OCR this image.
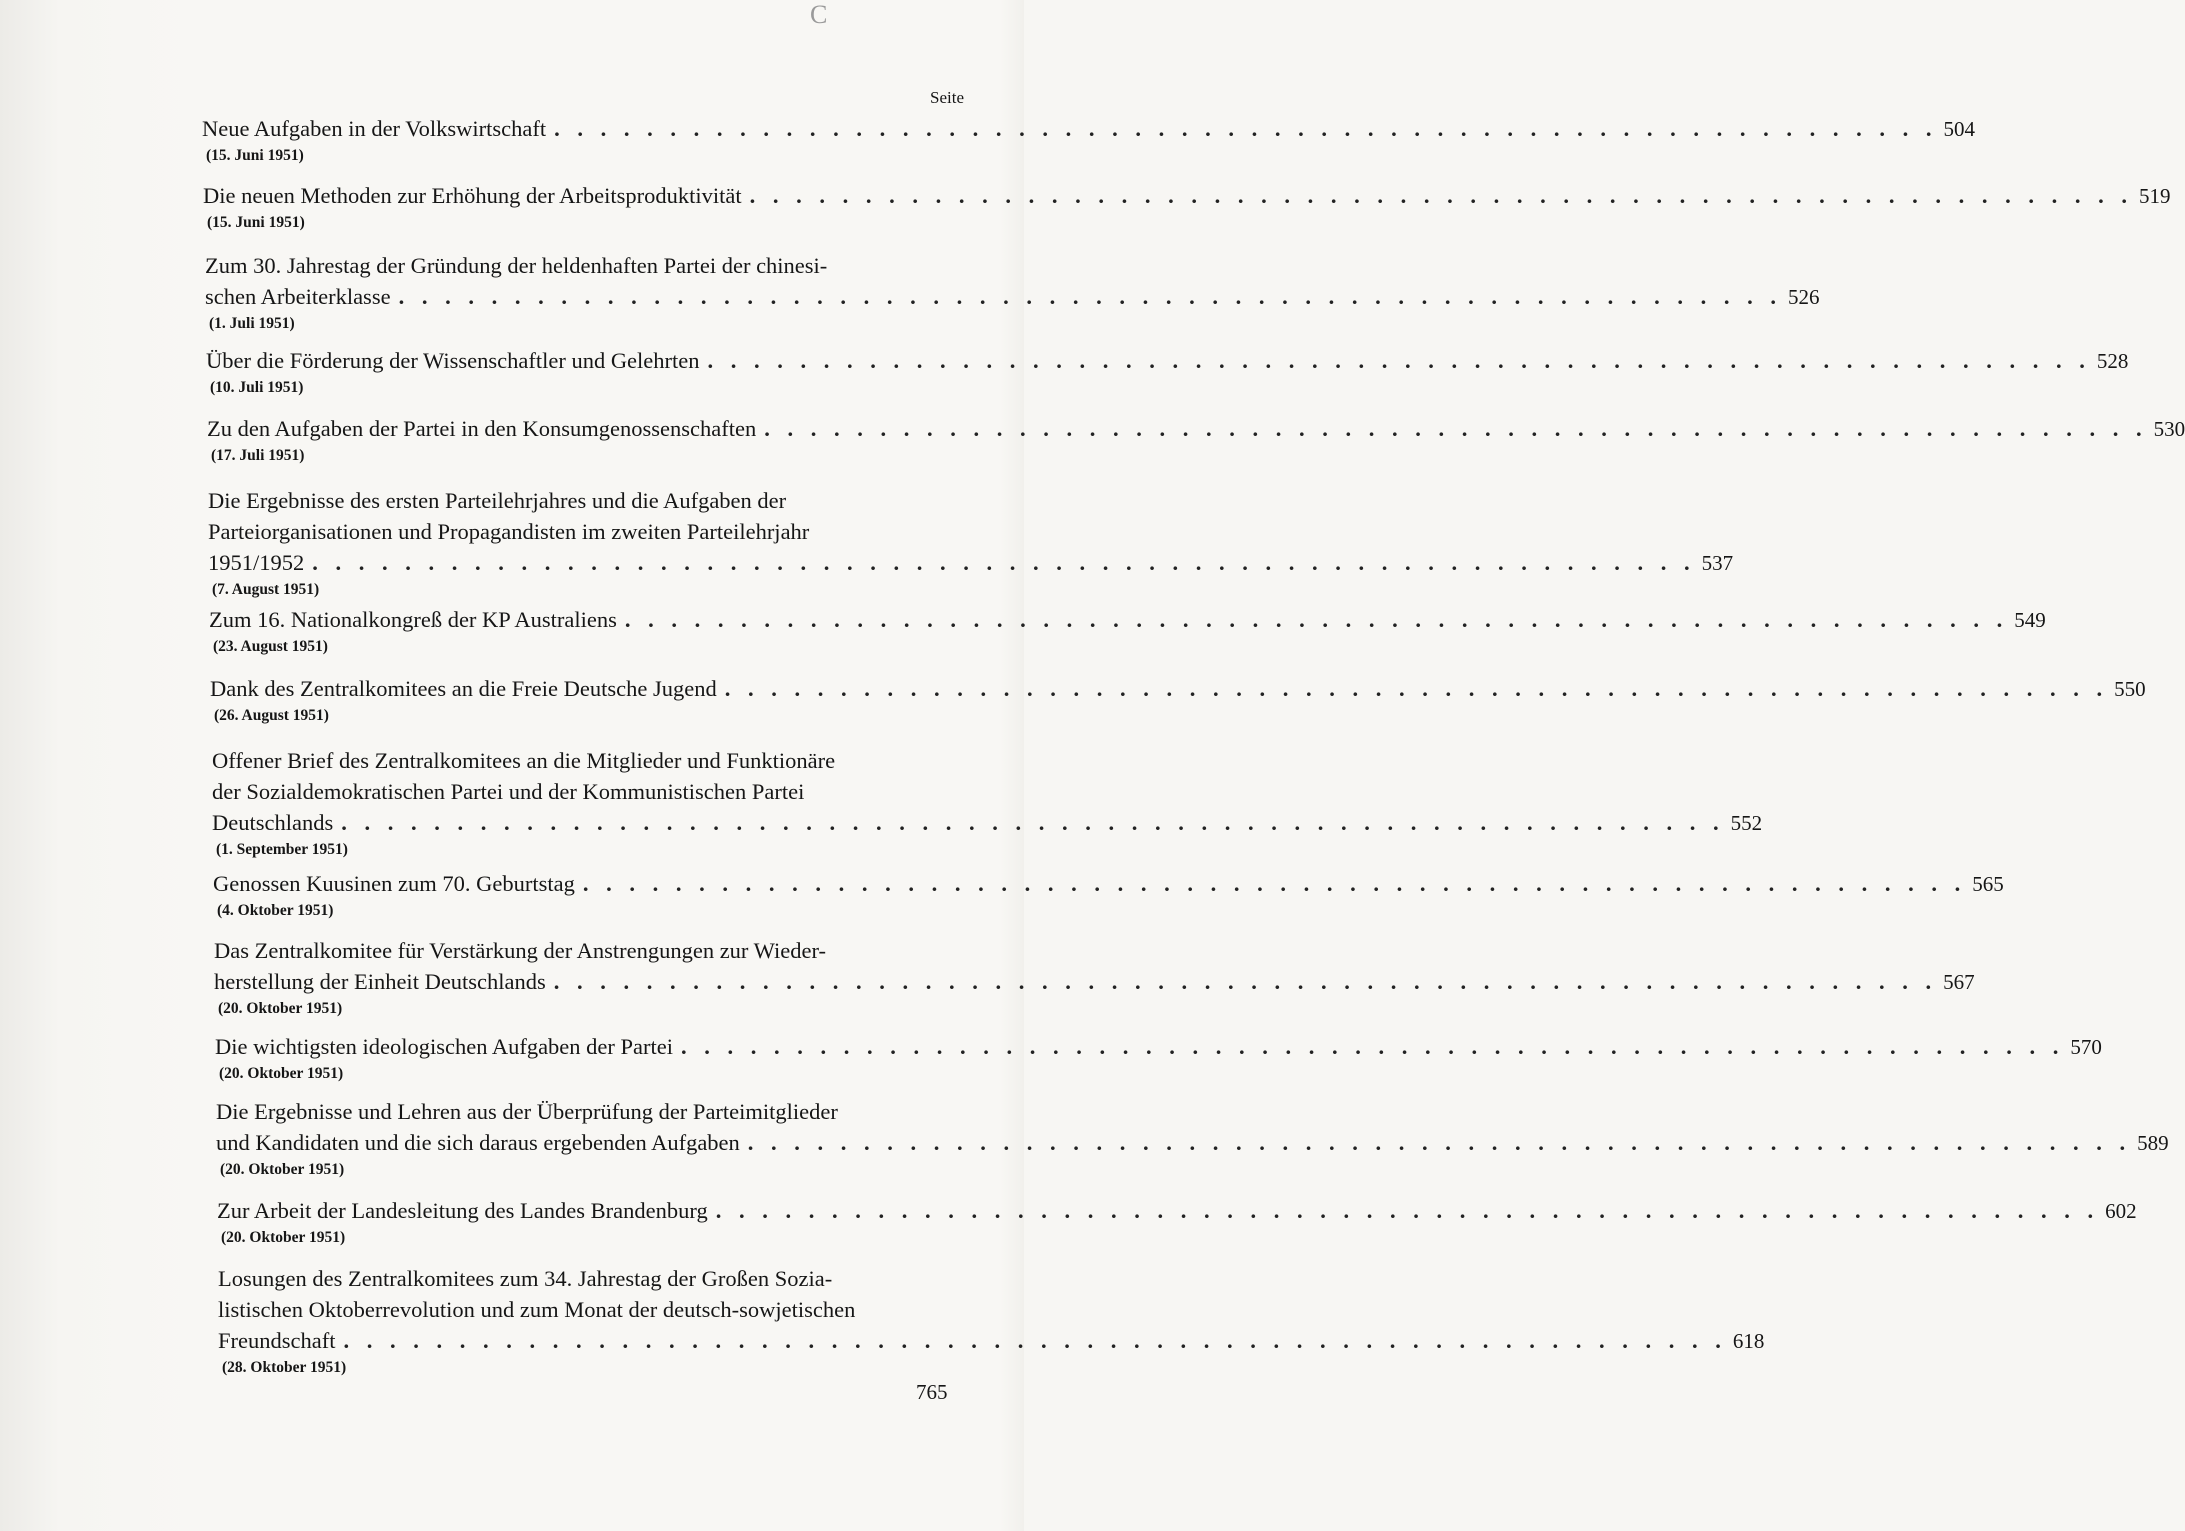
C
Seite
Neue Aufgaben in der Volkswirtschaft . . . . . . . . . . . . . . . . . . . . . . . . . . . . . . . . . . . . . . . . . . . . . . . . . . . . . . . . . . . . 504
(15. Juni 1951)
Die neuen Methoden zur Erhöhung der Arbeitsproduktivität . . . . . . . . . . . . . . . . . . . . . . . . . . . . . . . . . . . . . . . . . . . . . . . . . . . . . . . . . . . . 519
(15. Juni 1951)
Zum 30. Jahrestag der Gründung der heldenhaften Partei der chinesi-
schen Arbeiterklasse . . . . . . . . . . . . . . . . . . . . . . . . . . . . . . . . . . . . . . . . . . . . . . . . . . . . . . . . . . . . 526
(1. Juli 1951)
Über die Förderung der Wissenschaftler und Gelehrten . . . . . . . . . . . . . . . . . . . . . . . . . . . . . . . . . . . . . . . . . . . . . . . . . . . . . . . . . . . . 528
(10. Juli 1951)
Zu den Aufgaben der Partei in den Konsumgenossenschaften . . . . . . . . . . . . . . . . . . . . . . . . . . . . . . . . . . . . . . . . . . . . . . . . . . . . . . . . . . . . 530
(17. Juli 1951)
Die Ergebnisse des ersten Parteilehrjahres und die Aufgaben der
Parteiorganisationen und Propagandisten im zweiten Parteilehrjahr
1951/1952 . . . . . . . . . . . . . . . . . . . . . . . . . . . . . . . . . . . . . . . . . . . . . . . . . . . . . . . . . . . . 537
(7. August 1951)
Zum 16. Nationalkongreß der KP Australiens . . . . . . . . . . . . . . . . . . . . . . . . . . . . . . . . . . . . . . . . . . . . . . . . . . . . . . . . . . . . 549
(23. August 1951)
Dank des Zentralkomitees an die Freie Deutsche Jugend . . . . . . . . . . . . . . . . . . . . . . . . . . . . . . . . . . . . . . . . . . . . . . . . . . . . . . . . . . . . 550
(26. August 1951)
Offener Brief des Zentralkomitees an die Mitglieder und Funktionäre
der Sozialdemokratischen Partei und der Kommunistischen Partei
Deutschlands . . . . . . . . . . . . . . . . . . . . . . . . . . . . . . . . . . . . . . . . . . . . . . . . . . . . . . . . . . . . 552
(1. September 1951)
Genossen Kuusinen zum 70. Geburtstag . . . . . . . . . . . . . . . . . . . . . . . . . . . . . . . . . . . . . . . . . . . . . . . . . . . . . . . . . . . . 565
(4. Oktober 1951)
Das Zentralkomitee für Verstärkung der Anstrengungen zur Wieder-
herstellung der Einheit Deutschlands . . . . . . . . . . . . . . . . . . . . . . . . . . . . . . . . . . . . . . . . . . . . . . . . . . . . . . . . . . . . 567
(20. Oktober 1951)
Die wichtigsten ideologischen Aufgaben der Partei . . . . . . . . . . . . . . . . . . . . . . . . . . . . . . . . . . . . . . . . . . . . . . . . . . . . . . . . . . . . 570
(20. Oktober 1951)
Die Ergebnisse und Lehren aus der Überprüfung der Parteimitglieder
und Kandidaten und die sich daraus ergebenden Aufgaben . . . . . . . . . . . . . . . . . . . . . . . . . . . . . . . . . . . . . . . . . . . . . . . . . . . . . . . . . . . . 589
(20. Oktober 1951)
Zur Arbeit der Landesleitung des Landes Brandenburg . . . . . . . . . . . . . . . . . . . . . . . . . . . . . . . . . . . . . . . . . . . . . . . . . . . . . . . . . . . . 602
(20. Oktober 1951)
Losungen des Zentralkomitees zum 34. Jahrestag der Großen Sozia-
listischen Oktoberrevolution und zum Monat der deutsch-sowjetischen
Freundschaft . . . . . . . . . . . . . . . . . . . . . . . . . . . . . . . . . . . . . . . . . . . . . . . . . . . . . . . . . . . . 618
(28. Oktober 1951)
765
